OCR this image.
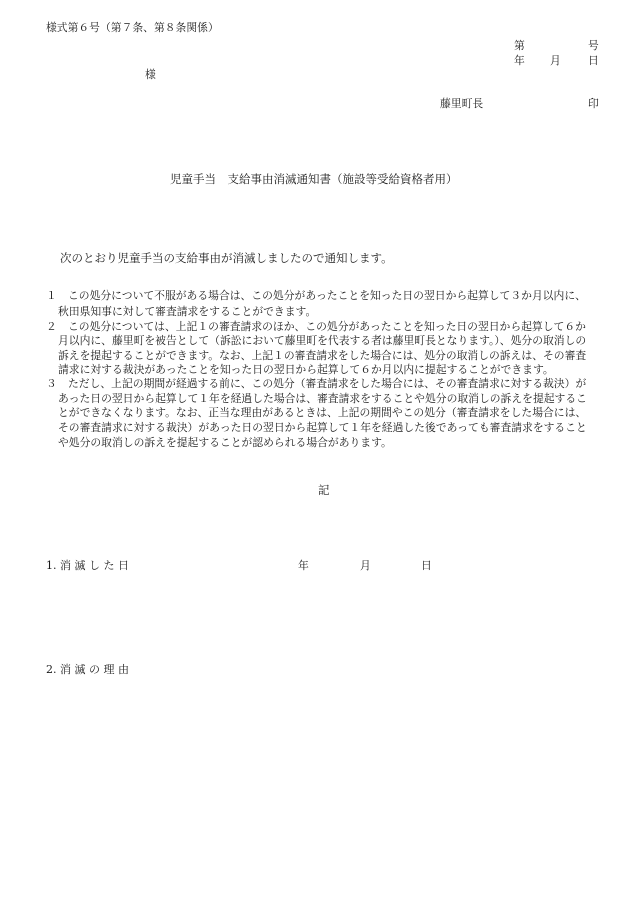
様式第６号（第７条、第８条関係）
第	号
年 月	日
様
藤里町長	印
児童手当　支給事由消滅通知書（施設等受給資格者用）
次のとおり児童手当の支給事由が消滅しましたので通知します。
１ この処分について不服がある場合は、この処分があったことを知った日の翌日から起算して３か月以内に、
秋田県知事に対して審査請求をすることができます。
２ この処分については、上記１の審査請求のほか、この処分があったことを知った日の翌日から起算して６か
月以内に、藤里町を被告として（訴訟において藤里町を代表する者は藤里町長となります。）、処分の取消しの
訴えを提起することができます。なお、上記１の審査請求をした場合には、処分の取消しの訴えは、その審査
請求に対する裁決があったことを知った日の翌日から起算して６か月以内に提起することができます。
３ ただし、上記の期間が経過する前に、この処分（審査請求をした場合には、その審査請求に対する裁決）が
あった日の翌日から起算して１年を経過した場合は、審査請求をすることや処分の取消しの訴えを提起するこ
とができなくなります。なお、正当な理由があるときは、上記の期間やこの処分（審査請求をした場合には、
その審査請求に対する裁決）があった日の翌日から起算して１年を経過した後であっても審査請求をすること
や処分の取消しの訴えを提起することが認められる場合があります。
記
1. 消 滅 し た 日	年	月	日
2. 消 滅 の 理 由
